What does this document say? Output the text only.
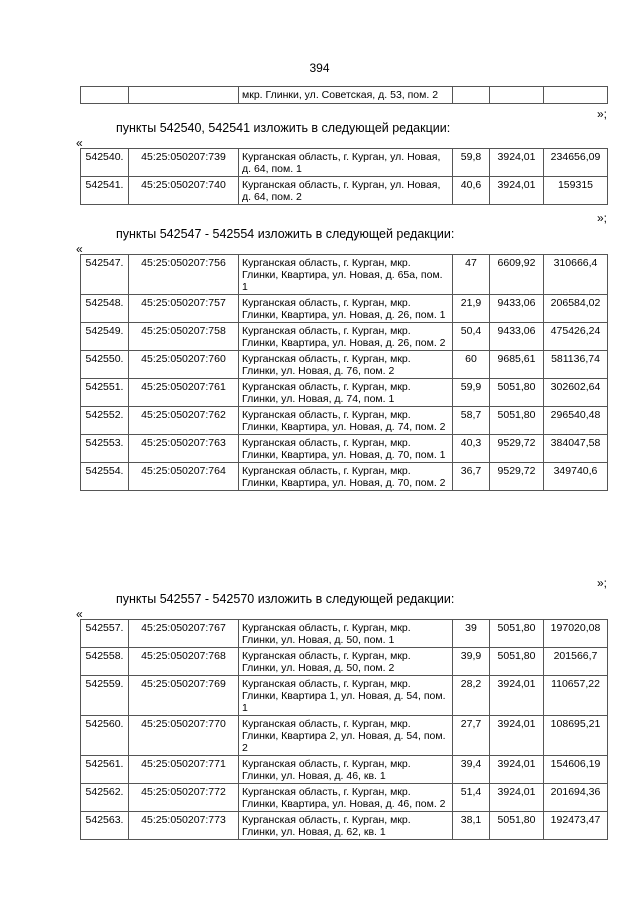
394
		мкр. Глинки, ул. Советская, д. 53, пом. 2			
»;
пункты 542540, 542541 изложить в следующей редакции:
«
542540.	45:25:050207:739	Курганская область, г. Курган, ул. Новая, д. 64, пом. 1	59,8	3924,01	234656,09
542541.	45:25:050207:740	Курганская область, г. Курган, ул. Новая, д. 64, пом. 2	40,6	3924,01	159315
»;
пункты 542547 - 542554 изложить в следующей редакции:
«
542547.	45:25:050207:756	Курганская область, г. Курган, мкр. Глинки, Квартира, ул. Новая, д. 65а, пом. 1	47	6609,92	310666,4
542548.	45:25:050207:757	Курганская область, г. Курган, мкр. Глинки, Квартира, ул. Новая, д. 26, пом. 1	21,9	9433,06	206584,02
542549.	45:25:050207:758	Курганская область, г. Курган, мкр. Глинки, Квартира, ул. Новая, д. 26, пом. 2	50,4	9433,06	475426,24
542550.	45:25:050207:760	Курганская область, г. Курган, мкр. Глинки, ул. Новая, д. 76, пом. 2	60	9685,61	581136,74
542551.	45:25:050207:761	Курганская область, г. Курган, мкр. Глинки, ул. Новая, д. 74, пом. 1	59,9	5051,80	302602,64
542552.	45:25:050207:762	Курганская область, г. Курган, мкр. Глинки, Квартира, ул. Новая, д. 74, пом. 2	58,7	5051,80	296540,48
542553.	45:25:050207:763	Курганская область, г. Курган, мкр. Глинки, Квартира, ул. Новая, д. 70, пом. 1	40,3	9529,72	384047,58
542554.	45:25:050207:764	Курганская область, г. Курган, мкр. Глинки, Квартира, ул. Новая, д. 70, пом. 2	36,7	9529,72	349740,6
»;
пункты 542557 - 542570 изложить в следующей редакции:
«
542557.	45:25:050207:767	Курганская область, г. Курган, мкр. Глинки, ул. Новая, д. 50, пом. 1	39	5051,80	197020,08
542558.	45:25:050207:768	Курганская область, г. Курган, мкр. Глинки, ул. Новая, д. 50, пом. 2	39,9	5051,80	201566,7
542559.	45:25:050207:769	Курганская область, г. Курган, мкр. Глинки, Квартира 1, ул. Новая, д. 54, пом. 1	28,2	3924,01	110657,22
542560.	45:25:050207:770	Курганская область, г. Курган, мкр. Глинки, Квартира 2, ул. Новая, д. 54, пом. 2	27,7	3924,01	108695,21
542561.	45:25:050207:771	Курганская область, г. Курган, мкр. Глинки, ул. Новая, д. 46, кв. 1	39,4	3924,01	154606,19
542562.	45:25:050207:772	Курганская область, г. Курган, мкр. Глинки, Квартира, ул. Новая, д. 46, пом. 2	51,4	3924,01	201694,36
542563.	45:25:050207:773	Курганская область, г. Курган, мкр. Глинки, ул. Новая, д. 62, кв. 1	38,1	5051,80	192473,47
